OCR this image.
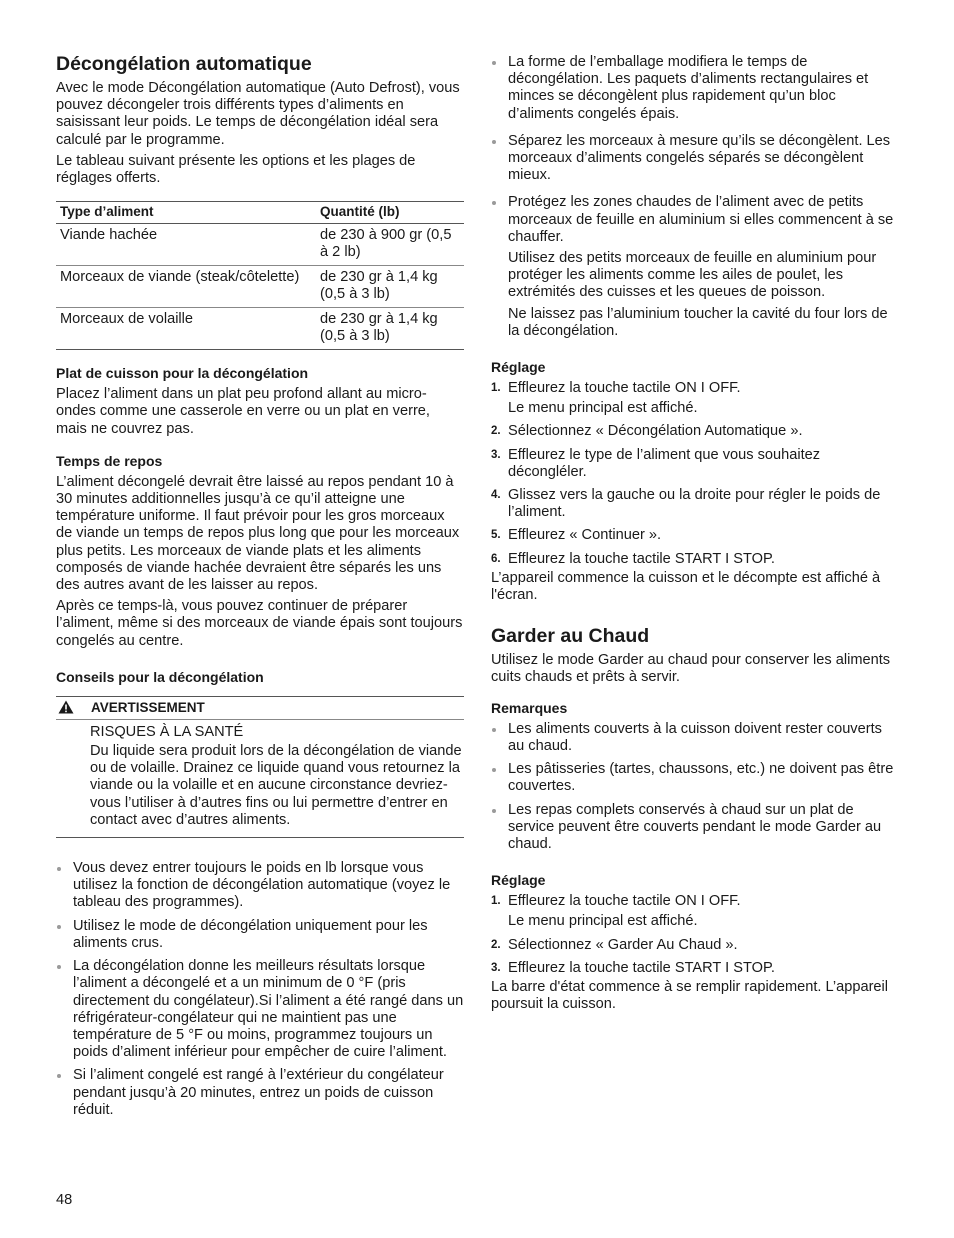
Décongélation automatique

Avec le mode Décongélation automatique (Auto Defrost), vous pouvez décongeler trois différents types d’aliments en saisissant leur poids. Le temps de décongélation idéal sera calculé par le programme.

Le tableau suivant présente les options et les plages de réglages offerts.

Type d’aliment	Quantité (lb)
Viande hachée	de 230 à 900 gr (0,5 à 2 lb)
Morceaux de viande (steak/côtelette)	de 230 gr à 1,4 kg (0,5 à 3 lb)
Morceaux de volaille	de 230 gr à 1,4 kg (0,5 à 3 lb)
Plat de cuisson pour la décongélation

Placez l’aliment dans un plat peu profond allant au micro-ondes comme une casserole en verre ou un plat en verre, mais ne couvrez pas.

Temps de repos

L’aliment décongelé devrait être laissé au repos pendant 10 à 30 minutes additionnelles jusqu’à ce qu’il atteigne une température uniforme. Il faut prévoir pour les gros morceaux de viande un temps de repos plus long que pour les morceaux plus petits. Les morceaux de viande plats et les aliments composés de viande hachée devraient être séparés les uns des autres avant de les laisser au repos.

Après ce temps-là, vous pouvez continuer de préparer l’aliment, même si des morceaux de viande épais sont toujours congelés au centre.

Conseils pour la décongélation
AVERTISSEMENT

RISQUES À LA SANTÉ

Du liquide sera produit lors de la décongélation de viande ou de volaille. Drainez ce liquide quand vous retournez la viande ou la volaille et en aucune circonstance devriez-vous l’utiliser à d’autres fins ou lui permettre d’entrer en contact avec d’autres aliments.

Vous devez entrer toujours le poids en lb lorsque vous utilisez la fonction de décongélation automatique (voyez le tableau des programmes).
Utilisez le mode de décongélation uniquement pour les aliments crus.
La décongélation donne les meilleurs résultats lorsque l’aliment a décongelé et a un minimum de 0 °F (pris directement du congélateur).Si l’aliment a été rangé dans un réfrigérateur-congélateur qui ne maintient pas une température de 5 °F ou moins, programmez toujours un poids d’aliment inférieur pour empêcher de cuire l’aliment.
Si l’aliment congelé est rangé à l’extérieur du congélateur pendant jusqu’à 20 minutes, entrez un poids de cuisson réduit.
La forme de l’emballage modifiera le temps de décongélation. Les paquets d’aliments rectangulaires et minces se décongèlent plus rapidement qu’un bloc d’aliments congelés épais.
Séparez les morceaux à mesure qu’ils se décongèlent. Les morceaux d’aliments congelés séparés se décongèlent mieux.
Protégez les zones chaudes de l’aliment avec de petits morceaux de feuille en aluminium si elles commencent à se chauffer.

Utilisez des petits morceaux de feuille en aluminium pour protéger les aliments comme les ailes de poulet, les extrémités des cuisses et les queues de poisson.

Ne laissez pas l’aluminium toucher la cavité du four lors de la décongélation.

Réglage
1. Effleurez la touche tactile ON I OFF.
Le menu principal est affiché.
2. Sélectionnez « Décongélation Automatique ».
3. Effleurez le type de l’aliment que vous souhaitez décongléler.
4. Glissez vers la gauche ou la droite pour régler le poids de l’aliment.
5. Effleurez « Continuer ».
6. Effleurez la touche tactile START I STOP.

L’appareil commence la cuisson et le décompte est affiché à l'écran.

Garder au Chaud

Utilisez le mode Garder au chaud pour conserver les aliments cuits chauds et prêts à servir.

Remarques
Les aliments couverts à la cuisson doivent rester couverts au chaud.
Les pâtisseries (tartes, chaussons, etc.) ne doivent pas être couvertes.
Les repas complets conservés à chaud sur un plat de service peuvent être couverts pendant le mode Garder au chaud.
Réglage
1. Effleurez la touche tactile ON I OFF.
Le menu principal est affiché.
2. Sélectionnez « Garder Au Chaud ».
3. Effleurez la touche tactile START I STOP.

La barre d'état commence à se remplir rapidement. L’appareil poursuit la cuisson.

48
